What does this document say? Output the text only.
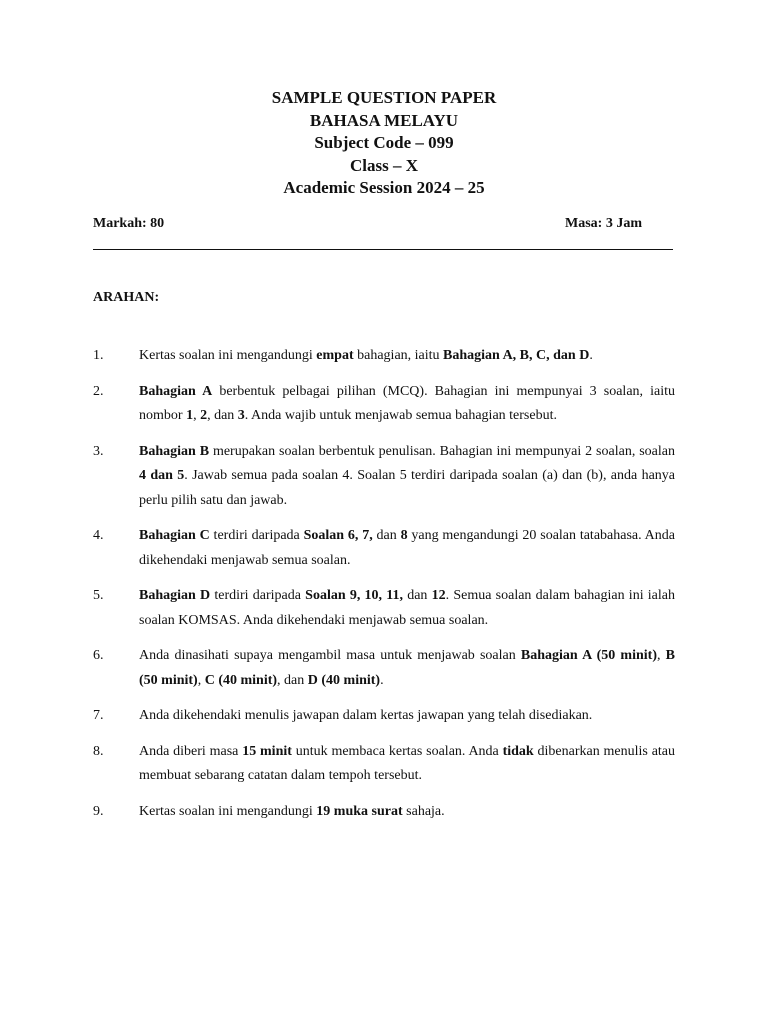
SAMPLE QUESTION PAPER
BAHASA MELAYU
Subject Code – 099
Class – X
Academic Session 2024 – 25
Markah: 80	Masa: 3 Jam
ARAHAN:
1.	Kertas soalan ini mengandungi empat bahagian, iaitu Bahagian A, B, C, dan D.
2.	Bahagian A berbentuk pelbagai pilihan (MCQ). Bahagian ini mempunyai 3 soalan, iaitu nombor 1, 2, dan 3. Anda wajib untuk menjawab semua bahagian tersebut.
3.	Bahagian B merupakan soalan berbentuk penulisan. Bahagian ini mempunyai 2 soalan, soalan 4 dan 5. Jawab semua pada soalan 4. Soalan 5 terdiri daripada soalan (a) dan (b), anda hanya perlu pilih satu dan jawab.
4.	Bahagian C terdiri daripada Soalan 6, 7, dan 8 yang mengandungi 20 soalan tatabahasa. Anda dikehendaki menjawab semua soalan.
5.	Bahagian D terdiri daripada Soalan 9, 10, 11, dan 12. Semua soalan dalam bahagian ini ialah soalan KOMSAS. Anda dikehendaki menjawab semua soalan.
6.	Anda dinasihati supaya mengambil masa untuk menjawab soalan Bahagian A (50 minit), B (50 minit), C (40 minit), dan D (40 minit).
7.	Anda dikehendaki menulis jawapan dalam kertas jawapan yang telah disediakan.
8.	Anda diberi masa 15 minit untuk membaca kertas soalan. Anda tidak dibenarkan menulis atau membuat sebarang catatan dalam tempoh tersebut.
9.	Kertas soalan ini mengandungi 19 muka surat sahaja.
